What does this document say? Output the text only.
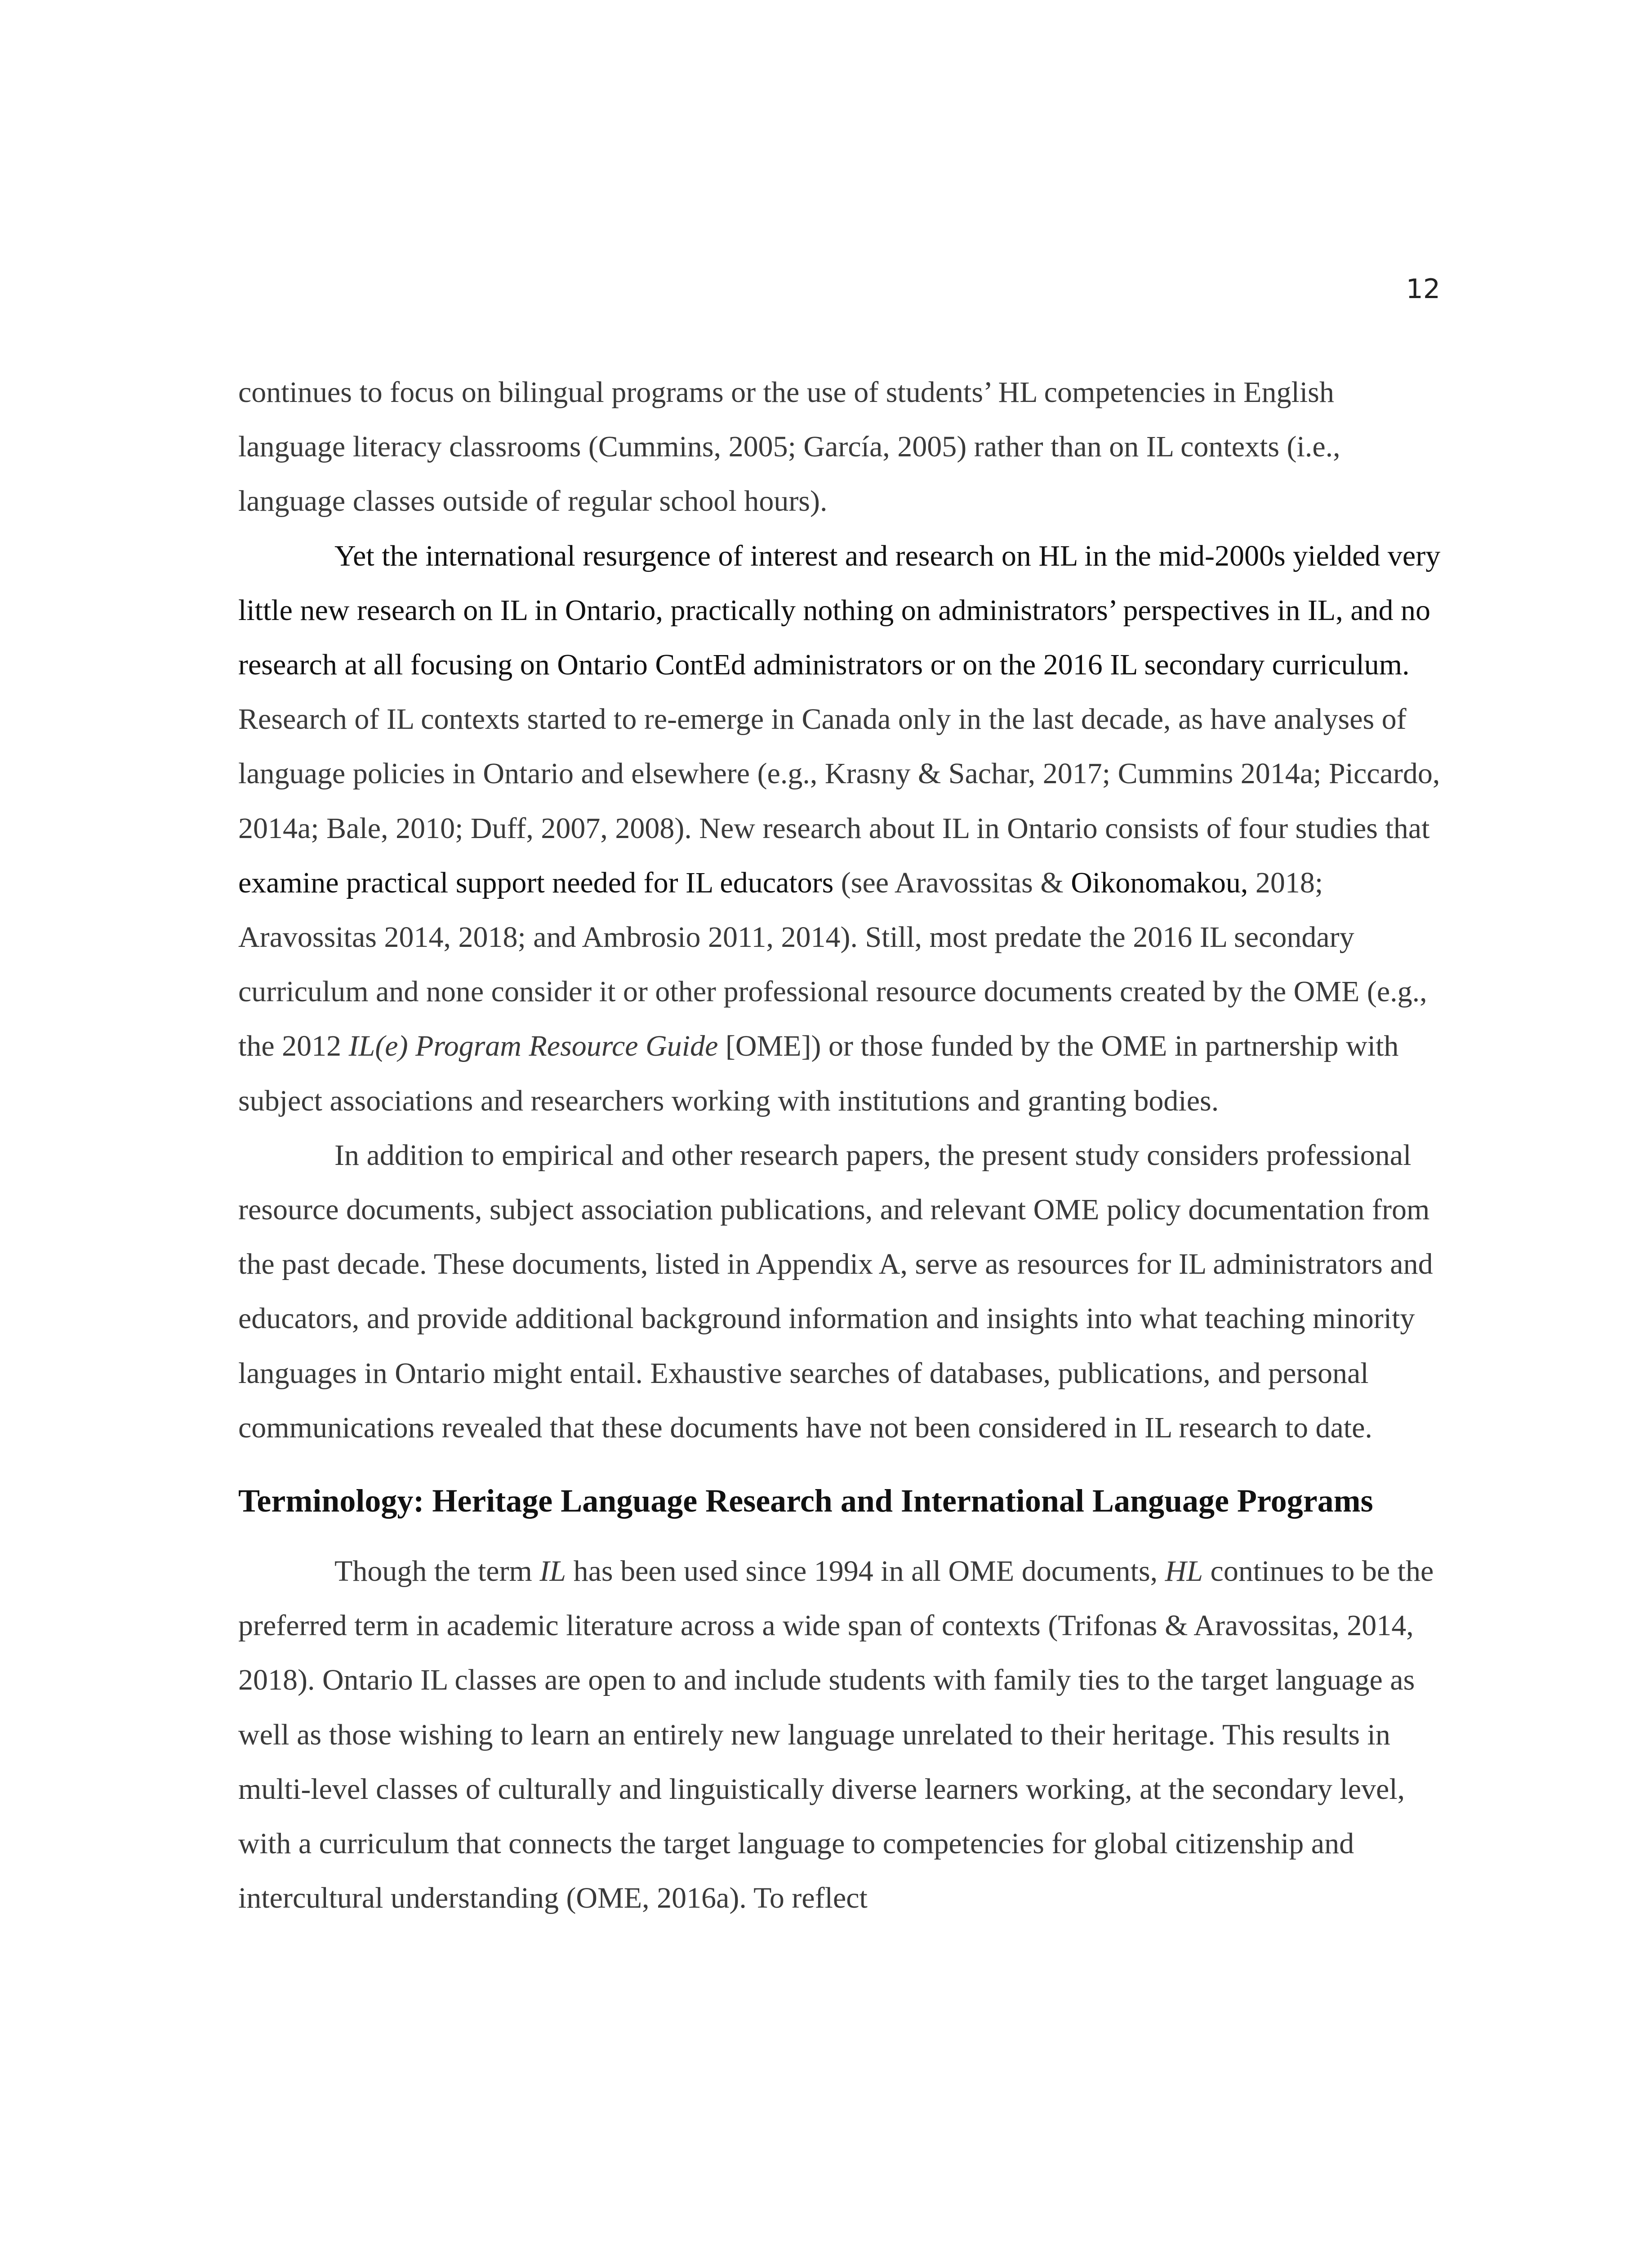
12

continues to focus on bilingual programs or the use of students’ HL competencies in English language literacy classrooms (Cummins, 2005; García, 2005) rather than on IL contexts (i.e., language classes outside of regular school hours).

Yet the international resurgence of interest and research on HL in the mid-2000s yielded very little new research on IL in Ontario, practically nothing on administrators’ perspectives in IL, and no research at all focusing on Ontario ContEd administrators or on the 2016 IL secondary curriculum. Research of IL contexts started to re-emerge in Canada only in the last decade, as have analyses of language policies in Ontario and elsewhere (e.g., Krasny & Sachar, 2017; Cummins 2014a; Piccardo, 2014a; Bale, 2010; Duff, 2007, 2008). New research about IL in Ontario consists of four studies that examine practical support needed for IL educators (see Aravossitas & Oikonomakou, 2018; Aravossitas 2014, 2018; and Ambrosio 2011, 2014). Still, most predate the 2016 IL secondary curriculum and none consider it or other professional resource documents created by the OME (e.g., the 2012 IL(e) Program Resource Guide [OME]) or those funded by the OME in partnership with subject associations and researchers working with institutions and granting bodies.

In addition to empirical and other research papers, the present study considers professional resource documents, subject association publications, and relevant OME policy documentation from the past decade. These documents, listed in Appendix A, serve as resources for IL administrators and educators, and provide additional background information and insights into what teaching minority languages in Ontario might entail. Exhaustive searches of databases, publications, and personal communications revealed that these documents have not been considered in IL research to date.

Terminology: Heritage Language Research and International Language Programs

Though the term IL has been used since 1994 in all OME documents, HL continues to be the preferred term in academic literature across a wide span of contexts (Trifonas & Aravossitas, 2014, 2018). Ontario IL classes are open to and include students with family ties to the target language as well as those wishing to learn an entirely new language unrelated to their heritage. This results in multi-level classes of culturally and linguistically diverse learners working, at the secondary level, with a curriculum that connects the target language to competencies for global citizenship and intercultural understanding (OME, 2016a). To reflect
